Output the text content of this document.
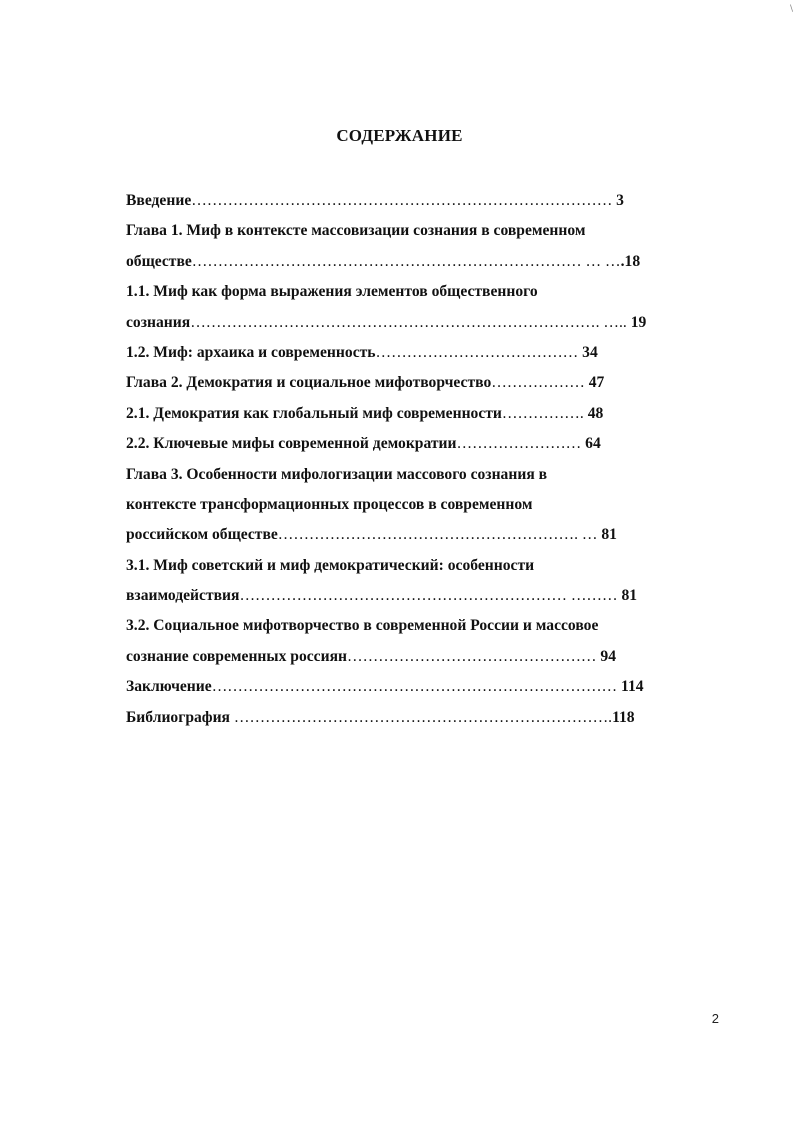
\
СОДЕРЖАНИЕ
Введение……………………………………………………………………… 3
Глава 1. Миф в контексте массовизации сознания в современном
обществе………………………………………………………………… … ….18
1.1. Миф как форма выражения элементов общественного
сознания……………………………………………………………………. ….. 19
1.2. Миф: архаика и современность………………………………… 34
Глава 2. Демократия и социальное мифотворчество……………… 47
2.1. Демократия как глобальный миф современности……………. 48
2.2. Ключевые мифы современной демократии…………………… 64
Глава 3. Особенности мифологизации массового сознания в
контексте трансформационных процессов в современном
российском обществе…………………………………………………. … 81
3.1. Миф советский и миф демократический: особенности
взаимодействия……………………………………………………… ……… 81
3.2. Социальное мифотворчество в современной России и массовое
сознание современных россиян………………………………………… 94
Заключение…………………………………………………………………… 114
Библиография ……………………………………………………………….118
2
